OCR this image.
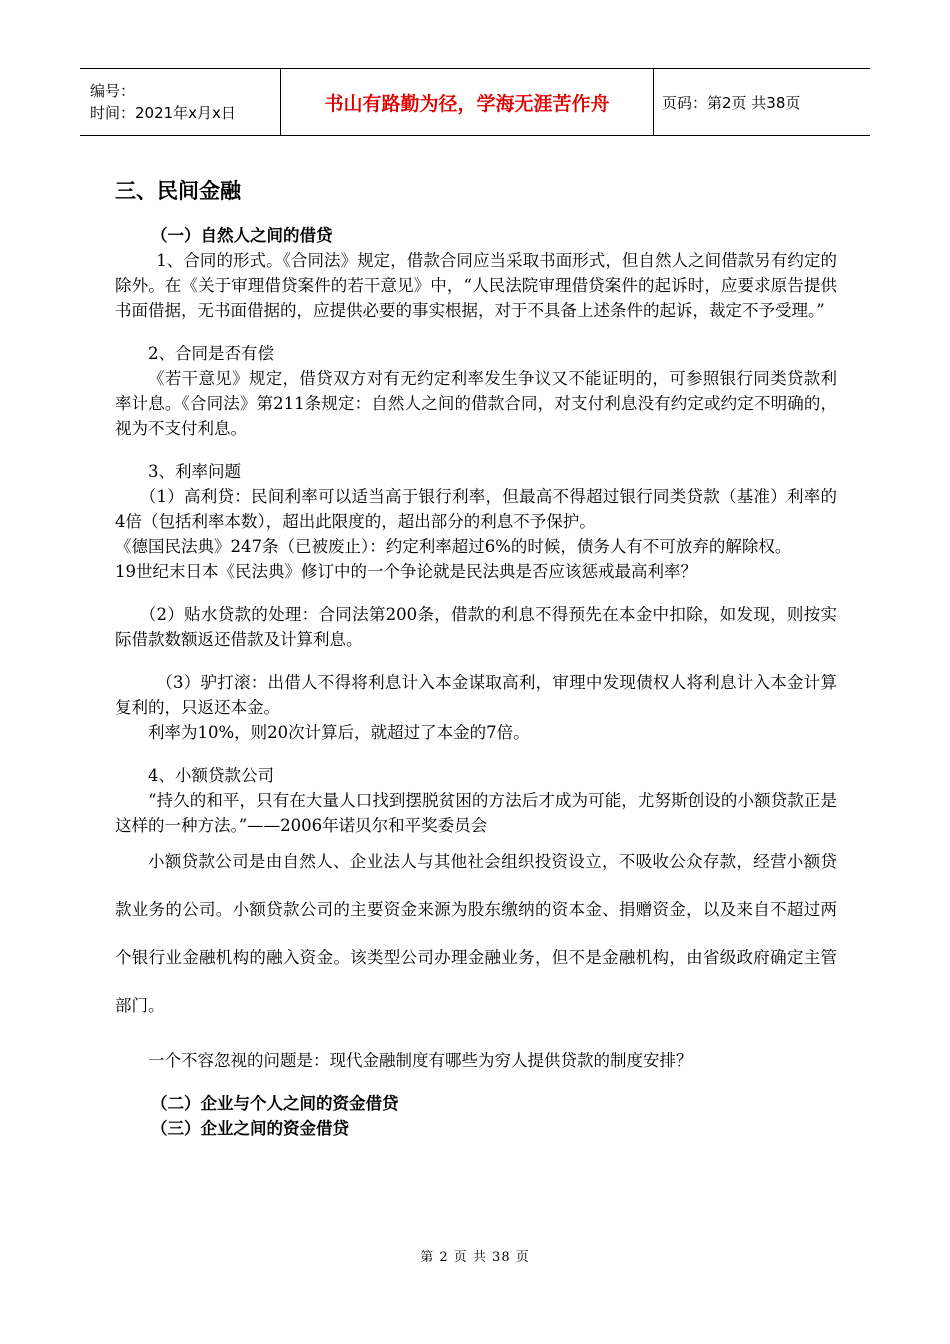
编号：
时间：2021年x月x日	书山有路勤为径，学海无涯苦作舟	页码：第2页 共38页
三、民间金融
（一）自然人之间的借贷

1、合同的形式。《合同法》规定，借款合同应当采取书面形式，但自然人之间借款另有约定的除外。在《关于审理借贷案件的若干意见》中，“人民法院审理借贷案件的起诉时，应要求原告提供书面借据，无书面借据的，应提供必要的事实根据，对于不具备上述条件的起诉，裁定不予受理。”

2、合同是否有偿

《若干意见》规定，借贷双方对有无约定利率发生争议又不能证明的，可参照银行同类贷款利率计息。《合同法》第211条规定：自然人之间的借款合同，对支付利息没有约定或约定不明确的，视为不支付利息。

3、利率问题

（1）高利贷：民间利率可以适当高于银行利率，但最高不得超过银行同类贷款（基准）利率的4倍（包括利率本数），超出此限度的，超出部分的利息不予保护。

《德国民法典》247条（已被废止）：约定利率超过6%的时候，债务人有不可放弃的解除权。

19世纪末日本《民法典》修订中的一个争论就是民法典是否应该惩戒最高利率？

（2）贴水贷款的处理：合同法第200条，借款的利息不得预先在本金中扣除，如发现，则按实际借款数额返还借款及计算利息。

（3）驴打滚：出借人不得将利息计入本金谋取高利，审理中发现债权人将利息计入本金计算复利的，只返还本金。

利率为10%，则20次计算后，就超过了本金的7倍。

4、小额贷款公司

“持久的和平，只有在大量人口找到摆脱贫困的方法后才成为可能，尤努斯创设的小额贷款正是这样的一种方法。”——2006年诺贝尔和平奖委员会

小额贷款公司是由自然人、企业法人与其他社会组织投资设立，不吸收公众存款，经营小额贷款业务的公司。小额贷款公司的主要资金来源为股东缴纳的资本金、捐赠资金，以及来自不超过两个银行业金融机构的融入资金。该类型公司办理金融业务，但不是金融机构，由省级政府确定主管部门。

一个不容忽视的问题是：现代金融制度有哪些为穷人提供贷款的制度安排？

（二）企业与个人之间的资金借贷
（三）企业之间的资金借贷
第 2 页 共 38 页
